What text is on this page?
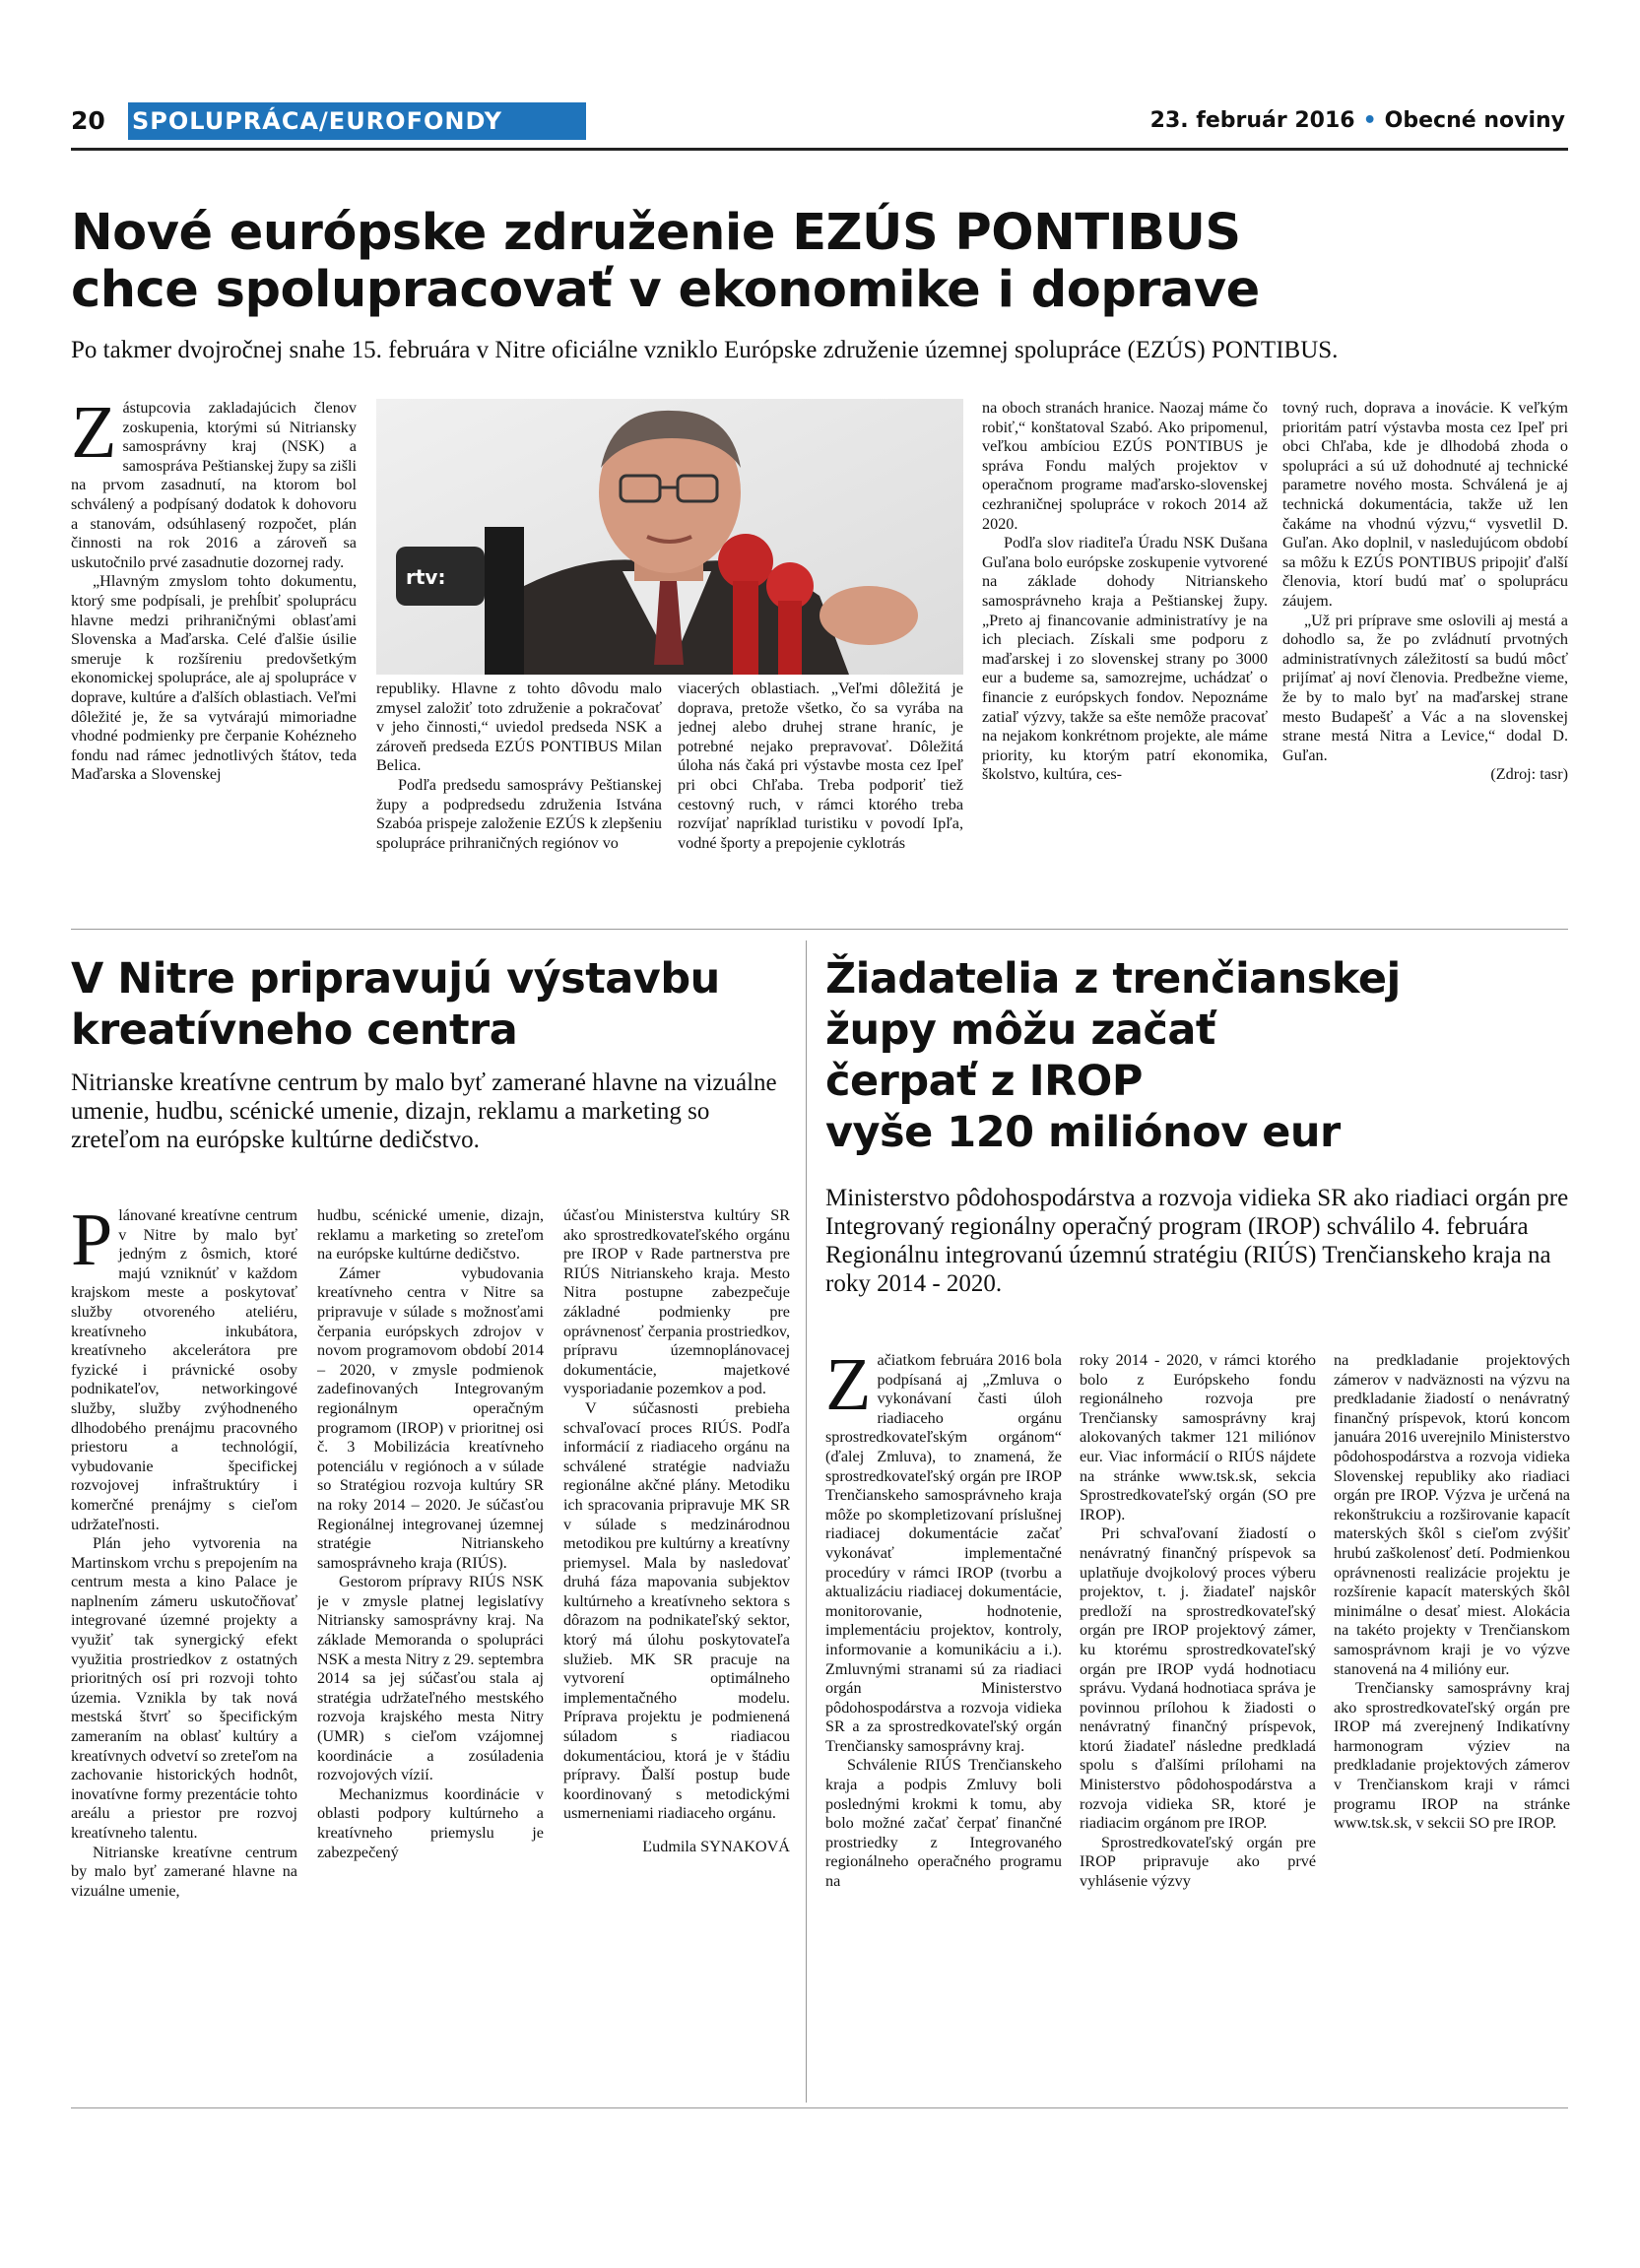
20 SPOLUPRÁCA/EUROFONDY	23. február 2016 • Obecné noviny
Nové európske združenie EZÚS PONTIBUS
chce spolupracovať v ekonomike i doprave
Po takmer dvojročnej snahe 15. februára v Nitre oficiálne vzniklo Európske združenie územnej spolupráce (EZÚS) PONTIBUS.

Zástupcovia zakladajúcich členov zoskupenia, ktorými sú Nitriansky samosprávny kraj (NSK) a samospráva Peštianskej župy sa zišli na prvom zasadnutí, na ktorom bol schválený a podpísaný dodatok k dohovoru a stanovám, odsúhlasený rozpočet, plán činnosti na rok 2016 a zároveň sa uskutočnilo prvé zasadnutie dozornej rady.

„Hlavným zmyslom tohto dokumentu, ktorý sme podpísali, je prehĺbiť spoluprácu hlavne medzi prihraničnými oblasťami Slovenska a Maďarska. Celé ďalšie úsilie smeruje k rozšíreniu predovšetkým ekonomickej spolupráce, ale aj spolupráce v doprave, kultúre a ďalších oblastiach. Veľmi dôležité je, že sa vytvárajú mimoriadne vhodné podmienky pre čerpanie Kohézneho fondu nad rámec jednotlivých štátov, teda Maďarska a Slovenskej

rtv:

republiky. Hlavne z tohto dôvodu malo zmysel založiť toto združenie a pokračovať v jeho činnosti,“ uviedol predseda NSK a zároveň predseda EZÚS PONTIBUS Milan Belica.

Podľa predsedu samosprávy Peštianskej župy a podpredsedu združenia Istvána Szabóa prispeje založenie EZÚS k zlepšeniu spolupráce prihraničných regiónov vo

viacerých oblastiach. „Veľmi dôležitá je doprava, pretože všetko, čo sa vyrába na jednej alebo druhej strane hraníc, je potrebné nejako prepravovať. Dôležitá úloha nás čaká pri výstavbe mosta cez Ipeľ pri obci Chľaba. Treba podporiť tiež cestovný ruch, v rámci ktorého treba rozvíjať napríklad turistiku v povodí Ipľa, vodné športy a prepojenie cyklotrás

na oboch stranách hranice. Naozaj máme čo robiť,“ konštatoval Szabó. Ako pripomenul, veľkou ambíciou EZÚS PONTIBUS je správa Fondu malých projektov v operačnom programe maďarsko-slovenskej cezhraničnej spolupráce v rokoch 2014 až 2020.

Podľa slov riaditeľa Úradu NSK Dušana Guľana bolo európske zoskupenie vytvorené na základe dohody Nitrianskeho samosprávneho kraja a Peštianskej župy. „Preto aj financovanie administratívy je na ich pleciach. Získali sme podporu z maďarskej i zo slovenskej strany po 3000 eur a budeme sa, samozrejme, uchádzať o financie z európskych fondov. Nepoznáme zatiaľ výzvy, takže sa ešte nemôže pracovať na nejakom konkrétnom projekte, ale máme priority, ku ktorým patrí ekonomika, školstvo, kultúra, ces-

tovný ruch, doprava a inovácie. K veľkým prioritám patrí výstavba mosta cez Ipeľ pri obci Chľaba, kde je dlhodobá zhoda o spolupráci a sú už dohodnuté aj technické parametre nového mosta. Schválená je aj technická dokumentácia, takže už len čakáme na vhodnú výzvu,“ vysvetlil D. Guľan. Ako doplnil, v nasledujúcom období sa môžu k EZÚS PONTIBUS pripojiť ďalší členovia, ktorí budú mať o spoluprácu záujem.

„Už pri príprave sme oslovili aj mestá a dohodlo sa, že po zvládnutí prvotných administratívnych záležitostí sa budú môcť prijímať aj noví členovia. Predbežne vieme, že by to malo byť na maďarskej strane mesto Budapešť a Vác a na slovenskej strane mestá Nitra a Levice,“ dodal D. Guľan.

(Zdroj: tasr)

V Nitre pripravujú výstavbu
kreatívneho centra
Nitrianske kreatívne centrum by malo byť zamerané hlavne na vizuálne umenie, hudbu, scénické umenie, dizajn, reklamu a marketing so zreteľom na európske kultúrne dedičstvo.

Plánované kreatívne centrum v Nitre by malo byť jedným z ôsmich, ktoré majú vzniknúť v každom krajskom meste a poskytovať služby otvoreného ateliéru, kreatívneho inkubátora, kreatívneho akcelerátora pre fyzické i právnické osoby podnikateľov, networkingové služby, služby zvýhodneného dlhodobého prenájmu pracovného priestoru a technológií, vybudovanie špecifickej rozvojovej infraštruktúry i komerčné prenájmy s cieľom udržateľnosti.

Plán jeho vytvorenia na Martinskom vrchu s prepojením na centrum mesta a kino Palace je naplnením zámeru uskutočňovať integrované územné projekty a využiť tak synergický efekt využitia prostriedkov z ostatných prioritných osí pri rozvoji tohto územia. Vznikla by tak nová mestská štvrť so špecifickým zameraním na oblasť kultúry a kreatívnych odvetví so zreteľom na zachovanie historických hodnôt, inovatívne formy prezentácie tohto areálu a priestor pre rozvoj kreatívneho talentu.

Nitrianske kreatívne centrum by malo byť zamerané hlavne na vizuálne umenie,

hudbu, scénické umenie, dizajn, reklamu a marketing so zreteľom na európske kultúrne dedičstvo.

Zámer vybudovania kreatívneho centra v Nitre sa pripravuje v súlade s možnosťami čerpania európskych zdrojov v novom programovom období 2014 – 2020, v zmysle podmienok zadefinovaných Integrovaným regionálnym operačným programom (IROP) v prioritnej osi č. 3 Mobilizácia kreatívneho potenciálu v regiónoch a v súlade so Stratégiou rozvoja kultúry SR na roky 2014 – 2020. Je súčasťou Regionálnej integrovanej územnej stratégie Nitrianskeho samosprávneho kraja (RIÚS).

Gestorom prípravy RIÚS NSK je v zmysle platnej legislatívy Nitriansky samosprávny kraj. Na základe Memoranda o spolupráci NSK a mesta Nitry z 29. septembra 2014 sa jej súčasťou stala aj stratégia udržateľného mestského rozvoja krajského mesta Nitry (UMR) s cieľom vzájomnej koordinácie a zosúladenia rozvojových vízií.

Mechanizmus koordinácie v oblasti podpory kultúrneho a kreatívneho priemyslu je zabezpečený

účasťou Ministerstva kultúry SR ako sprostredkovateľského orgánu pre IROP v Rade partnerstva pre RIÚS Nitrianskeho kraja. Mesto Nitra postupne zabezpečuje základné podmienky pre oprávnenosť čerpania prostriedkov, prípravu územnoplánovacej dokumentácie, majetkové vysporiadanie pozemkov a pod.

V súčasnosti prebieha schvaľovací proces RIÚS. Podľa informácií z riadiaceho orgánu na schválené stratégie nadviažu regionálne akčné plány. Metodiku ich spracovania pripravuje MK SR v súlade s medzinárodnou metodikou pre kultúrny a kreatívny priemysel. Mala by nasledovať druhá fáza mapovania subjektov kultúrneho a kreatívneho sektora s dôrazom na podnikateľský sektor, ktorý má úlohu poskytovateľa služieb. MK SR pracuje na vytvorení optimálneho implementačného modelu. Príprava projektu je podmienená súladom s riadiacou dokumentáciou, ktorá je v štádiu prípravy. Ďalší postup bude koordinovaný s metodickými usmerneniami riadiaceho orgánu.

Ľudmila SYNAKOVÁ

Žiadatelia z trenčianskej
župy môžu začať
čerpať z IROP
vyše 120 miliónov eur
Ministerstvo pôdohospodárstva a rozvoja vidieka SR ako riadiaci orgán pre Integrovaný regionálny operačný program (IROP) schválilo 4. februára Regionálnu integrovanú územnú stratégiu (RIÚS) Trenčianskeho kraja na roky 2014 - 2020.

Začiatkom februára 2016 bola podpísaná aj „Zmluva o vykonávaní časti úloh riadiaceho orgánu sprostredkovateľským orgánom“ (ďalej Zmluva), to znamená, že sprostredkovateľský orgán pre IROP Trenčianskeho samosprávneho kraja môže po skompletizovaní príslušnej riadiacej dokumentácie začať vykonávať implementačné procedúry v rámci IROP (tvorbu a aktualizáciu riadiacej dokumentácie, monitorovanie, hodnotenie, implementáciu projektov, kontroly, informovanie a komunikáciu a i.). Zmluvnými stranami sú za riadiaci orgán Ministerstvo pôdohospodárstva a rozvoja vidieka SR a za sprostredkovateľský orgán Trenčiansky samosprávny kraj.

Schválenie RIÚS Trenčianskeho kraja a podpis Zmluvy boli poslednými krokmi k tomu, aby bolo možné začať čerpať finančné prostriedky z Integrovaného regionálneho operačného programu na

roky 2014 - 2020, v rámci ktorého bolo z Európskeho fondu regionálneho rozvoja pre Trenčiansky samosprávny kraj alokovaných takmer 121 miliónov eur. Viac informácií o RIÚS nájdete na stránke www.tsk.sk, sekcia Sprostredkovateľský orgán (SO pre IROP).

Pri schvaľovaní žiadostí o nenávratný finančný príspevok sa uplatňuje dvojkolový proces výberu projektov, t. j. žiadateľ najskôr predloží na sprostredkovateľský orgán pre IROP projektový zámer, ku ktorému sprostredkovateľský orgán pre IROP vydá hodnotiacu správu. Vydaná hodnotiaca správa je povinnou prílohou k žiadosti o nenávratný finančný príspevok, ktorú žiadateľ následne predkladá spolu s ďalšími prílohami na Ministerstvo pôdohospodárstva a rozvoja vidieka SR, ktoré je riadiacim orgánom pre IROP.

Sprostredkovateľský orgán pre IROP pripravuje ako prvé vyhlásenie výzvy

na predkladanie projektových zámerov v nadväznosti na výzvu na predkladanie žiadostí o nenávratný finančný príspevok, ktorú koncom januára 2016 uverejnilo Ministerstvo pôdohospodárstva a rozvoja vidieka Slovenskej republiky ako riadiaci orgán pre IROP. Výzva je určená na rekonštrukciu a rozširovanie kapacít materských škôl s cieľom zvýšiť hrubú zaškolenosť detí. Podmienkou oprávnenosti realizácie projektu je rozšírenie kapacít materských škôl minimálne o desať miest. Alokácia na takéto projekty v Trenčianskom samosprávnom kraji je vo výzve stanovená na 4 milióny eur.

Trenčiansky samosprávny kraj ako sprostredkovateľský orgán pre IROP má zverejnený Indikatívny harmonogram výziev na predkladanie projektových zámerov v Trenčianskom kraji v rámci programu IROP na stránke www.tsk.sk, v sekcii SO pre IROP.
